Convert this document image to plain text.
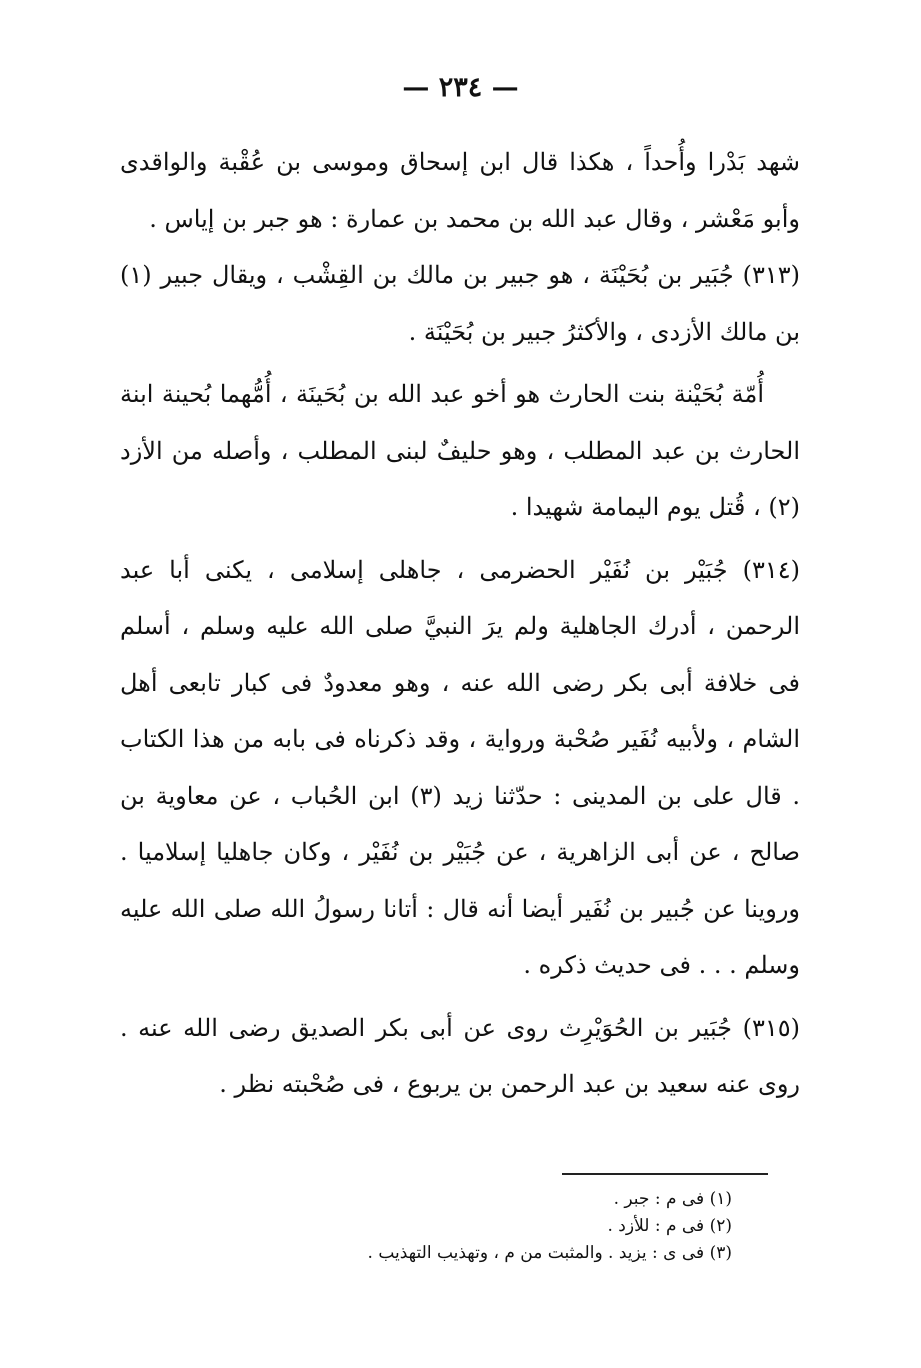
— ٢٣٤ —

شهد بَدْرا وأُحداً ، هكذا قال ابن إسحاق وموسى بن عُقْبة والواقدى وأبو مَعْشر ، وقال عبد الله بن محمد بن عمارة : هو جبر بن إياس .

(٣١٣) جُبَير بن بُحَيْنَة ، هو جبير بن مالك بن القِشْب ، ويقال جبير (١) بن مالك الأزدى ، والأكثرُ جبير بن بُحَيْنَة .

أُمّة بُحَيْنة بنت الحارث هو أخو عبد الله بن بُحَينَة ، أُمُّهما بُحينة ابنة الحارث بن عبد المطلب ، وهو حليفٌ لبنى المطلب ، وأصله من الأزد (٢) ، قُتل يوم اليمامة شهيدا .

(٣١٤) جُبَيْر بن نُفَيْر الحضرمى ، جاهلى إسلامى ، يكنى أبا عبد الرحمن ، أدرك الجاهلية ولم يرَ النبيَّ صلى الله عليه وسلم ، أسلم فى خلافة أبى بكر رضى الله عنه ، وهو معدودٌ فى كبار تابعى أهل الشام ، ولأبيه نُفَير صُحْبة ورواية ، وقد ذكرناه فى بابه من هذا الكتاب . قال على بن المدينى : حدّثنا زيد (٣) ابن الحُباب ، عن معاوية بن صالح ، عن أبى الزاهرية ، عن جُبَيْر بن نُفَيْر ، وكان جاهليا إسلاميا . وروينا عن جُبير بن نُفَير أيضا أنه قال : أتانا رسولُ الله صلى الله عليه وسلم . . . فى حديث ذكره .

(٣١٥) جُبَير بن الحُوَيْرِث روى عن أبى بكر الصديق رضى الله عنه . روى عنه سعيد بن عبد الرحمن بن يربوع ، فى صُحْبته نظر .

(١) فى م : جبر .

(٢) فى م : للأزد .

(٣) فى ى : يزيد . والمثبت من م ، وتهذيب التهذيب .
